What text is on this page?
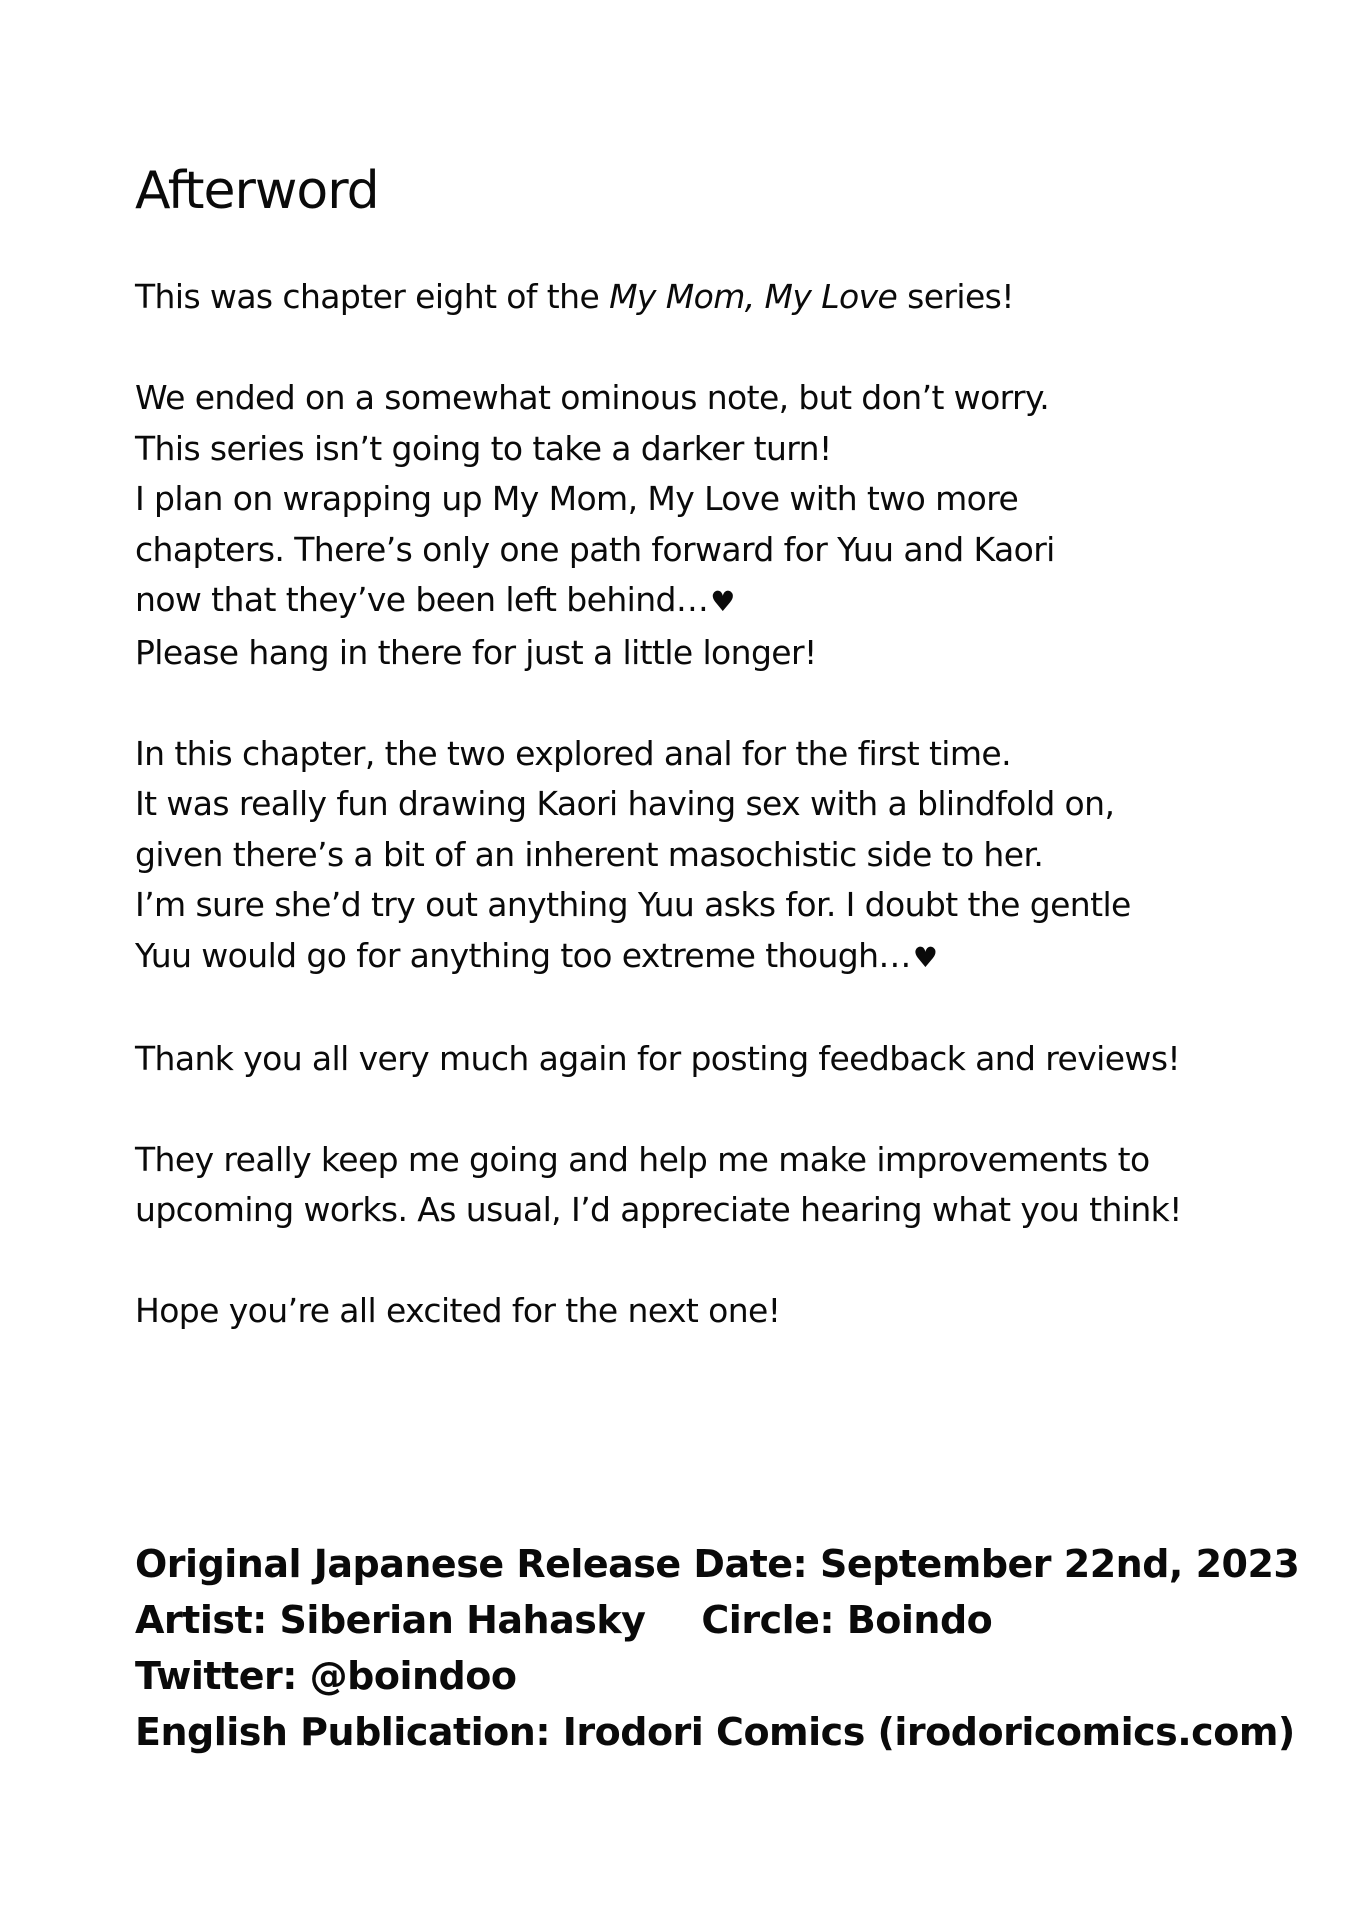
Afterword

This was chapter eight of the My Mom, My Love series!

We ended on a somewhat ominous note, but don’t worry.
This series isn’t going to take a darker turn!
I plan on wrapping up My Mom, My Love with two more
chapters. There’s only one path forward for Yuu and Kaori
now that they’ve been left behind…♥
Please hang in there for just a little longer!

In this chapter, the two explored anal for the first time.
It was really fun drawing Kaori having sex with a blindfold on,
given there’s a bit of an inherent masochistic side to her.
I’m sure she’d try out anything Yuu asks for. I doubt the gentle
Yuu would go for anything too extreme though…♥

Thank you all very much again for posting feedback and reviews!

They really keep me going and help me make improvements to
upcoming works. As usual, I’d appreciate hearing what you think!

Hope you’re all excited for the next one!

Original Japanese Release Date: September 22nd, 2023
Artist: Siberian Hahasky Circle: Boindo
Twitter: @boindoo
English Publication: Irodori Comics (irodoricomics.com)
